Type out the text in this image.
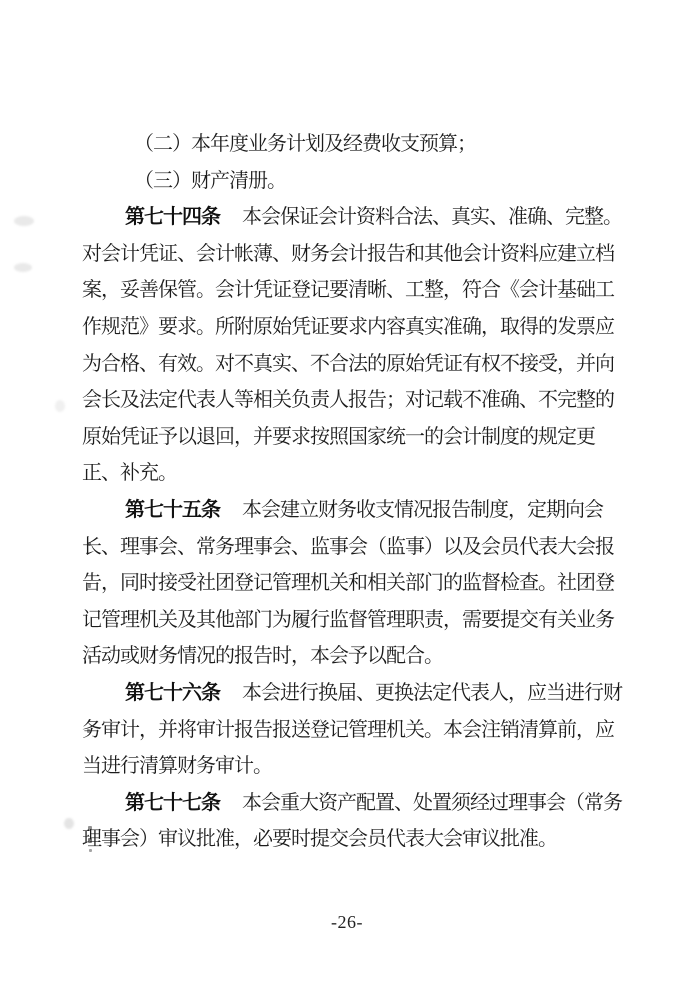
（二）本年度业务计划及经费收支预算；
（三）财产清册。
第七十四条 本会保证会计资料合法、真实、准确、完整。
对会计凭证、会计帐薄、财务会计报告和其他会计资料应建立档
案，妥善保管。会计凭证登记要清晰、工整，符合《会计基础工
作规范》要求。所附原始凭证要求内容真实准确，取得的发票应
为合格、有效。对不真实、不合法的原始凭证有权不接受，并向
会长及法定代表人等相关负责人报告；对记载不准确、不完整的
原始凭证予以退回，并要求按照国家统一的会计制度的规定更
正、补充。
第七十五条 本会建立财务收支情况报告制度，定期向会
长、理事会、常务理事会、监事会（监事）以及会员代表大会报
告，同时接受社团登记管理机关和相关部门的监督检查。社团登
记管理机关及其他部门为履行监督管理职责，需要提交有关业务
活动或财务情况的报告时，本会予以配合。
第七十六条 本会进行换届、更换法定代表人，应当进行财
务审计，并将审计报告报送登记管理机关。本会注销清算前，应
当进行清算财务审计。
第七十七条 本会重大资产配置、处置须经过理事会（常务
理事会）审议批准，必要时提交会员代表大会审议批准。
-26-
